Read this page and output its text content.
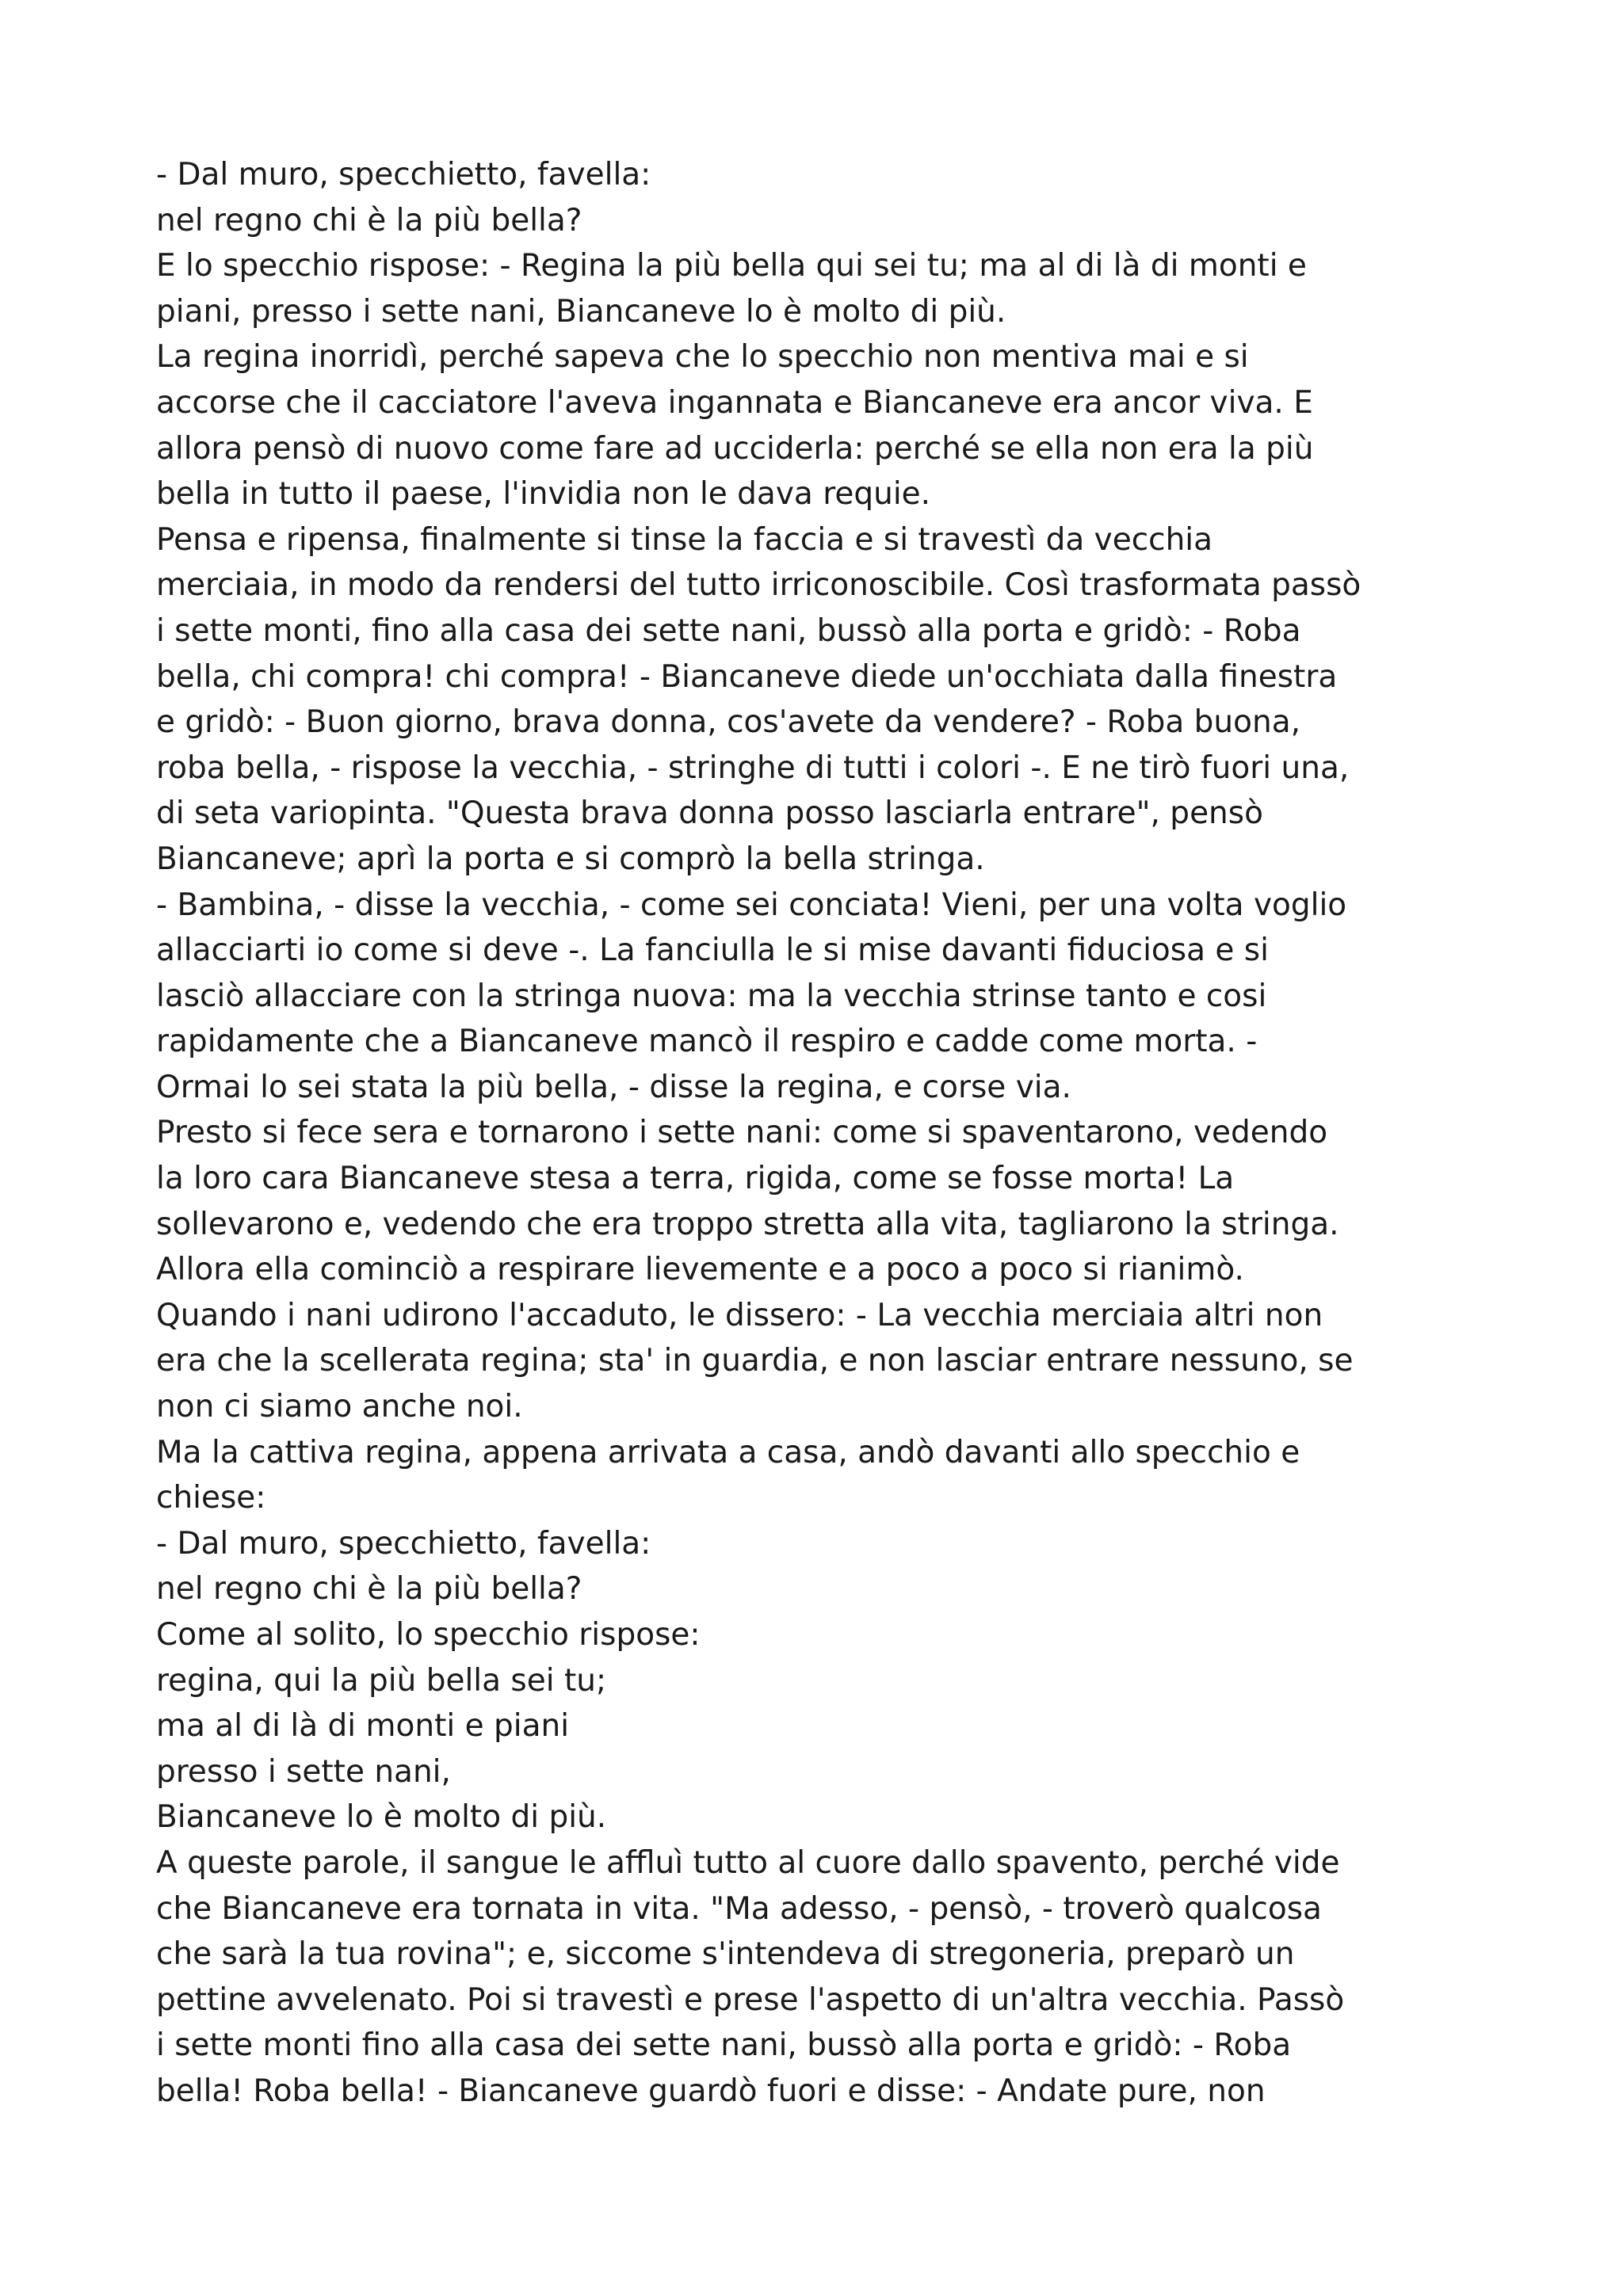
- Dal muro, specchietto, favella:
nel regno chi è la più bella?
E lo specchio rispose: - Regina la più bella qui sei tu; ma al di là di monti e
piani, presso i sette nani, Biancaneve lo è molto di più.
La regina inorridì, perché sapeva che lo specchio non mentiva mai e si
accorse che il cacciatore l'aveva ingannata e Biancaneve era ancor viva. E
allora pensò di nuovo come fare ad ucciderla: perché se ella non era la più
bella in tutto il paese, l'invidia non le dava requie.
Pensa e ripensa, finalmente si tinse la faccia e si travestì da vecchia
merciaia, in modo da rendersi del tutto irriconoscibile. Così trasformata passò
i sette monti, fino alla casa dei sette nani, bussò alla porta e gridò: - Roba
bella, chi compra! chi compra! - Biancaneve diede un'occhiata dalla finestra
e gridò: - Buon giorno, brava donna, cos'avete da vendere? - Roba buona,
roba bella, - rispose la vecchia, - stringhe di tutti i colori -. E ne tirò fuori una,
di seta variopinta. "Questa brava donna posso lasciarla entrare", pensò
Biancaneve; aprì la porta e si comprò la bella stringa.
- Bambina, - disse la vecchia, - come sei conciata! Vieni, per una volta voglio
allacciarti io come si deve -. La fanciulla le si mise davanti fiduciosa e si
lasciò allacciare con la stringa nuova: ma la vecchia strinse tanto e cosi
rapidamente che a Biancaneve mancò il respiro e cadde come morta. -
Ormai lo sei stata la più bella, - disse la regina, e corse via.
Presto si fece sera e tornarono i sette nani: come si spaventarono, vedendo
la loro cara Biancaneve stesa a terra, rigida, come se fosse morta! La
sollevarono e, vedendo che era troppo stretta alla vita, tagliarono la stringa.
Allora ella cominciò a respirare lievemente e a poco a poco si rianimò.
Quando i nani udirono l'accaduto, le dissero: - La vecchia merciaia altri non
era che la scellerata regina; sta' in guardia, e non lasciar entrare nessuno, se
non ci siamo anche noi.
Ma la cattiva regina, appena arrivata a casa, andò davanti allo specchio e
chiese:
- Dal muro, specchietto, favella:
nel regno chi è la più bella?
Come al solito, lo specchio rispose:
regina, qui la più bella sei tu;
ma al di là di monti e piani
presso i sette nani,
Biancaneve lo è molto di più.
A queste parole, il sangue le affluì tutto al cuore dallo spavento, perché vide
che Biancaneve era tornata in vita. "Ma adesso, - pensò, - troverò qualcosa
che sarà la tua rovina"; e, siccome s'intendeva di stregoneria, preparò un
pettine avvelenato. Poi si travestì e prese l'aspetto di un'altra vecchia. Passò
i sette monti fino alla casa dei sette nani, bussò alla porta e gridò: - Roba
bella! Roba bella! - Biancaneve guardò fuori e disse: - Andate pure, non
